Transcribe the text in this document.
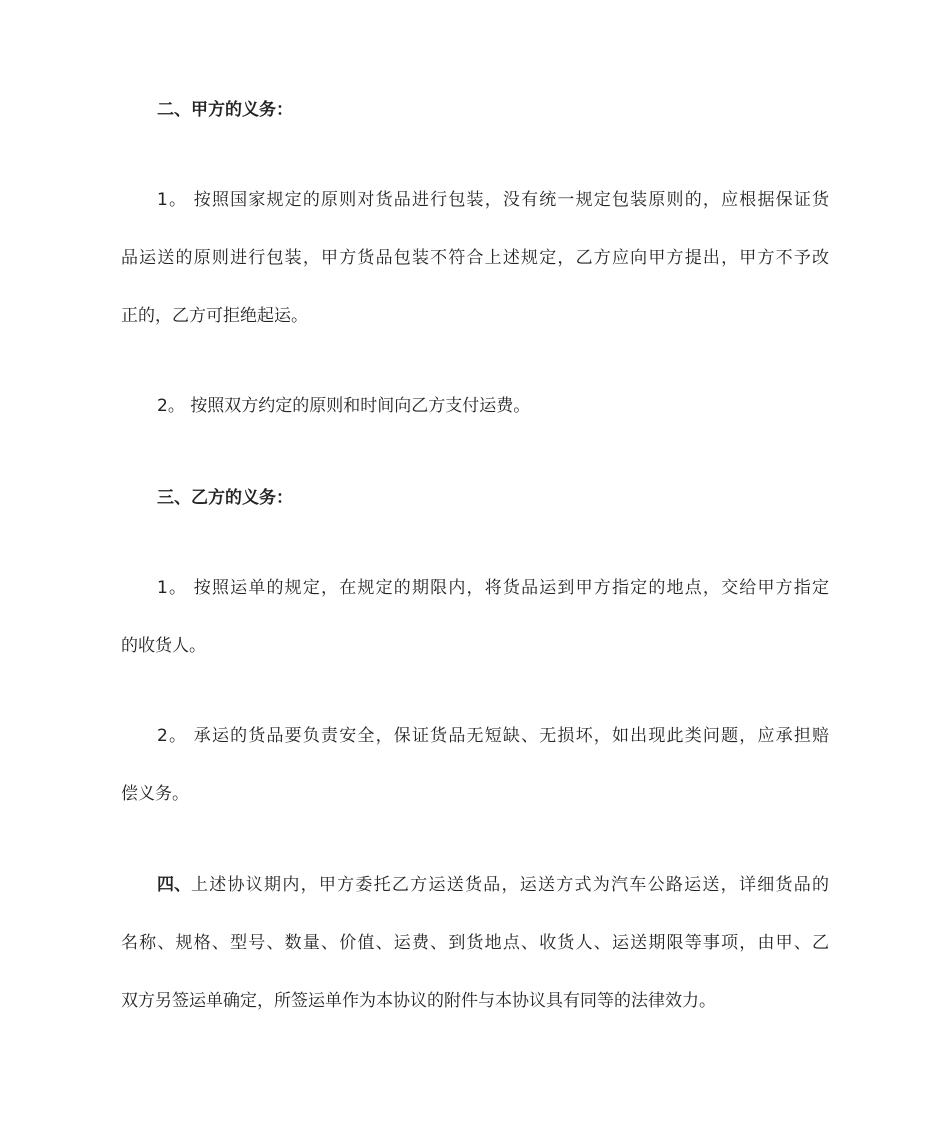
二、甲方的义务：
1。 按照国家规定的原则对货品进行包装，没有统一规定包装原则的，应根据保证货
品运送的原则进行包装，甲方货品包装不符合上述规定，乙方应向甲方提出，甲方不予改
正的，乙方可拒绝起运。
2。 按照双方约定的原则和时间向乙方支付运费。
三、乙方的义务：
1。 按照运单的规定，在规定的期限内，将货品运到甲方指定的地点，交给甲方指定
的收货人。
2。 承运的货品要负责安全，保证货品无短缺、无损坏，如出现此类问题，应承担赔
偿义务。
四、 上述协议期内，甲方委托乙方运送货品，运送方式为汽车公路运送，详细货品的
名称、规格、型号、数量、价值、运费、到货地点、收货人、运送期限等事项，由甲、乙
双方另签运单确定，所签运单作为本协议的附件与本协议具有同等的法律效力。
